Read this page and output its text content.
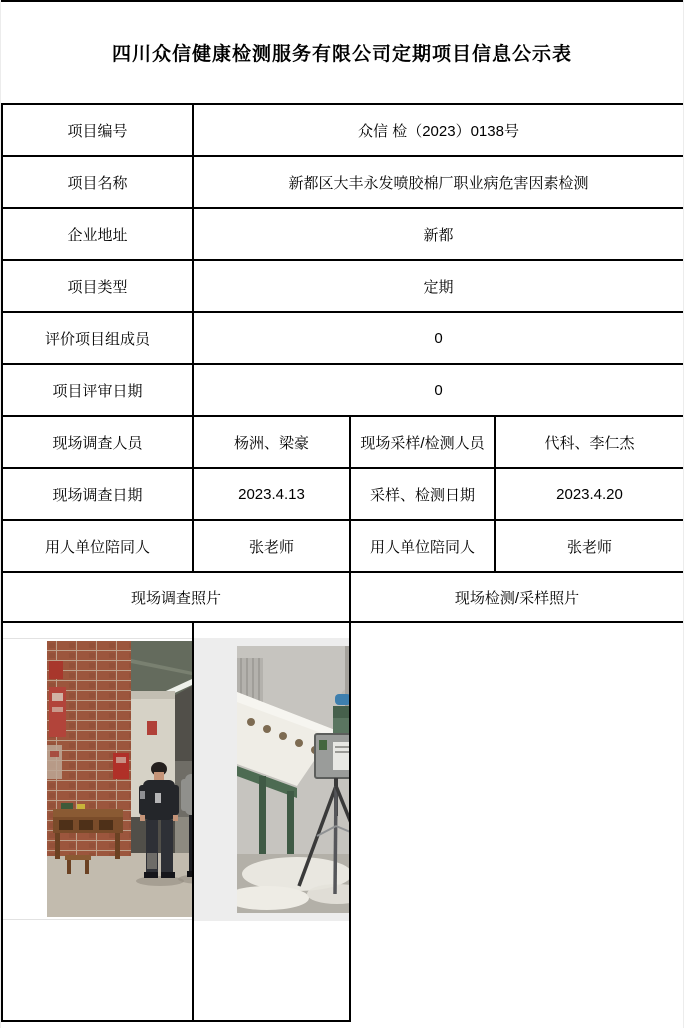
四川众信健康检测服务有限公司定期项目信息公示表
项目编号	众信 检（2023）0138号		
项目名称	新都区大丰永发喷胶棉厂职业病危害因素检测		
企业地址	新都		
项目类型	定期		
评价项目组成员	0		
项目评审日期	0		
现场调查人员	杨洲、梁豪	现场采样/检测人员	代科、李仁杰
现场调查日期	2023.4.13	采样、检测日期	2023.4.20
用人单位陪同人	张老师	用人单位陪同人	张老师
现场调查照片		现场检测/采样照片	
